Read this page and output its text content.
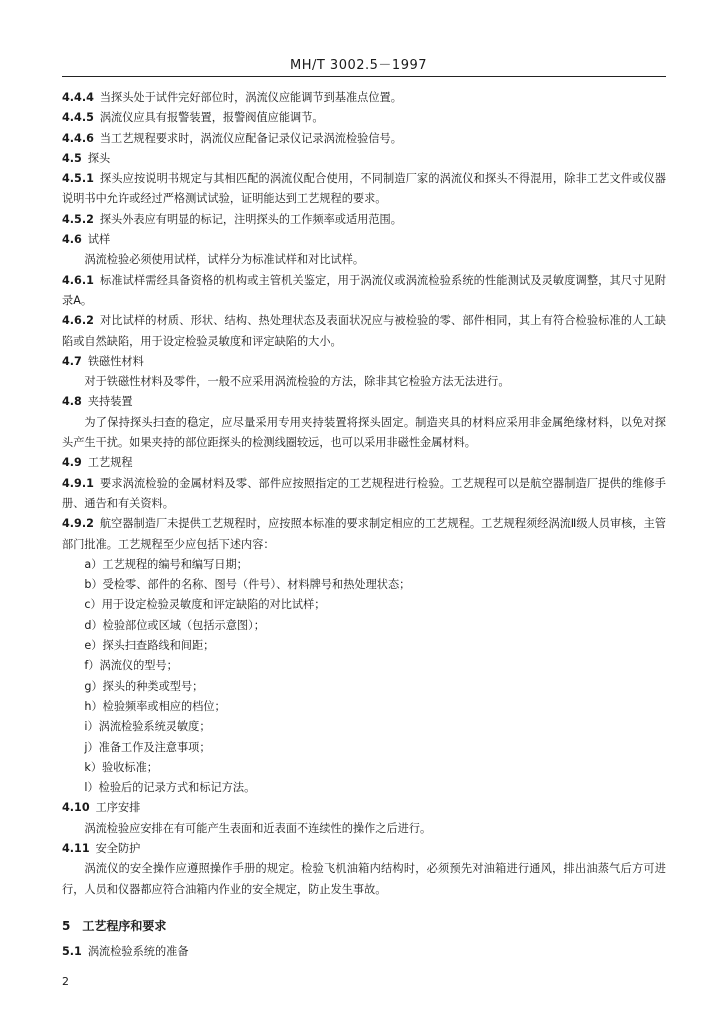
MH/T 3002.5－1997

4.4.4 当探头处于试件完好部位时，涡流仪应能调节到基准点位置。

4.4.5 涡流仪应具有报警装置，报警阀值应能调节。

4.4.6 当工艺规程要求时，涡流仪应配备记录仪记录涡流检验信号。

4.5 探头

4.5.1 探头应按说明书规定与其相匹配的涡流仪配合使用，不同制造厂家的涡流仪和探头不得混用，除非工艺文件或仪器说明书中允许或经过严格测试试验，证明能达到工艺规程的要求。

4.5.2 探头外表应有明显的标记，注明探头的工作频率或适用范围。

4.6 试样

涡流检验必须使用试样，试样分为标准试样和对比试样。

4.6.1 标准试样需经具备资格的机构或主管机关鉴定，用于涡流仪或涡流检验系统的性能测试及灵敏度调整，其尺寸见附录A。

4.6.2 对比试样的材质、形状、结构、热处理状态及表面状况应与被检验的零、部件相同，其上有符合检验标准的人工缺陷或自然缺陷，用于设定检验灵敏度和评定缺陷的大小。

4.7 铁磁性材料

对于铁磁性材料及零件，一般不应采用涡流检验的方法，除非其它检验方法无法进行。

4.8 夹持装置

为了保持探头扫查的稳定，应尽量采用专用夹持装置将探头固定。制造夹具的材料应采用非金属绝缘材料，以免对探头产生干扰。如果夹持的部位距探头的检测线圈较远，也可以采用非磁性金属材料。

4.9 工艺规程

4.9.1 要求涡流检验的金属材料及零、部件应按照指定的工艺规程进行检验。工艺规程可以是航空器制造厂提供的维修手册、通告和有关资料。

4.9.2 航空器制造厂未提供工艺规程时，应按照本标准的要求制定相应的工艺规程。工艺规程须经涡流Ⅱ级人员审核，主管部门批准。工艺规程至少应包括下述内容：

a）工艺规程的编号和编写日期；

b）受检零、部件的名称、图号（件号）、材料牌号和热处理状态；

c）用于设定检验灵敏度和评定缺陷的对比试样；

d）检验部位或区域（包括示意图）；

e）探头扫查路线和间距；

f）涡流仪的型号；

g）探头的种类或型号；

h）检验频率或相应的档位；

i）涡流检验系统灵敏度；

j）准备工作及注意事项；

k）验收标准；

l）检验后的记录方式和标记方法。

4.10 工序安排

涡流检验应安排在有可能产生表面和近表面不连续性的操作之后进行。

4.11 安全防护

涡流仪的安全操作应遵照操作手册的规定。检验飞机油箱内结构时，必须预先对油箱进行通风，排出油蒸气后方可进行，人员和仪器都应符合油箱内作业的安全规定，防止发生事故。

5　 工艺程序和要求

5.1 涡流检验系统的准备

2
